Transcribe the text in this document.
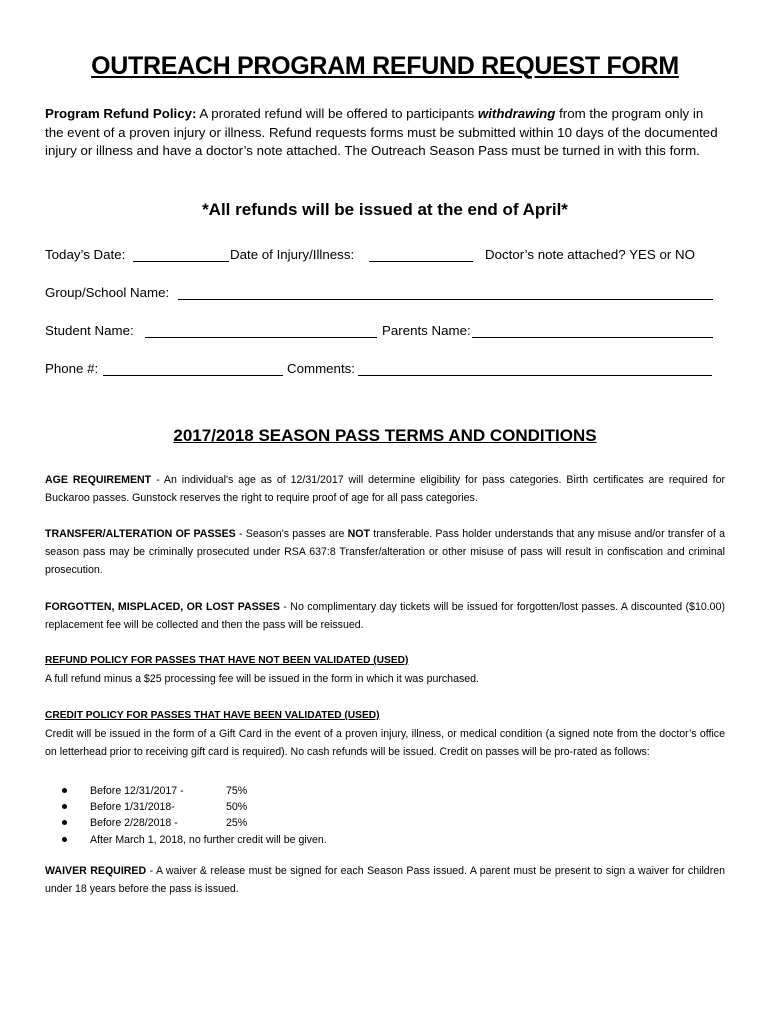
OUTREACH PROGRAM REFUND REQUEST FORM
Program Refund Policy: A prorated refund will be offered to participants withdrawing from the program only in the event of a proven injury or illness. Refund requests forms must be submitted within 10 days of the documented injury or illness and have a doctor’s note attached. The Outreach Season Pass must be turned in with this form.
*All refunds will be issued at the end of April*
Today’s Date:	Date of Injury/Illness:	Doctor’s note attached? YES or NO
Group/School Name:
Student Name:	Parents Name:
Phone #:	Comments:
2017/2018 SEASON PASS TERMS AND CONDITIONS
AGE REQUIREMENT - An individual's age as of 12/31/2017 will determine eligibility for pass categories. Birth certificates are required for Buckaroo passes. Gunstock reserves the right to require proof of age for all pass categories.
TRANSFER/ALTERATION OF PASSES - Season's passes are NOT transferable. Pass holder understands that any misuse and/or transfer of a season pass may be criminally prosecuted under RSA 637:8 Transfer/alteration or other misuse of pass will result in confiscation and criminal prosecution.
FORGOTTEN, MISPLACED, OR LOST PASSES - No complimentary day tickets will be issued for forgotten/lost passes. A discounted ($10.00) replacement fee will be collected and then the pass will be reissued.
REFUND POLICY FOR PASSES THAT HAVE NOT BEEN VALIDATED (USED)
A full refund minus a $25 processing fee will be issued in the form in which it was purchased.
CREDIT POLICY FOR PASSES THAT HAVE BEEN VALIDATED (USED)
Credit will be issued in the form of a Gift Card in the event of a proven injury, illness, or medical condition (a signed note from the doctor’s office on letterhead prior to receiving gift card is required). No cash refunds will be issued. Credit on passes will be pro-rated as follows:
Before 12/31/2017 -	75%
Before 1/31/2018-	50%
Before 2/28/2018 -	25%
After March 1, 2018, no further credit will be given.
WAIVER REQUIRED - A waiver & release must be signed for each Season Pass issued. A parent must be present to sign a waiver for children under 18 years before the pass is issued.
